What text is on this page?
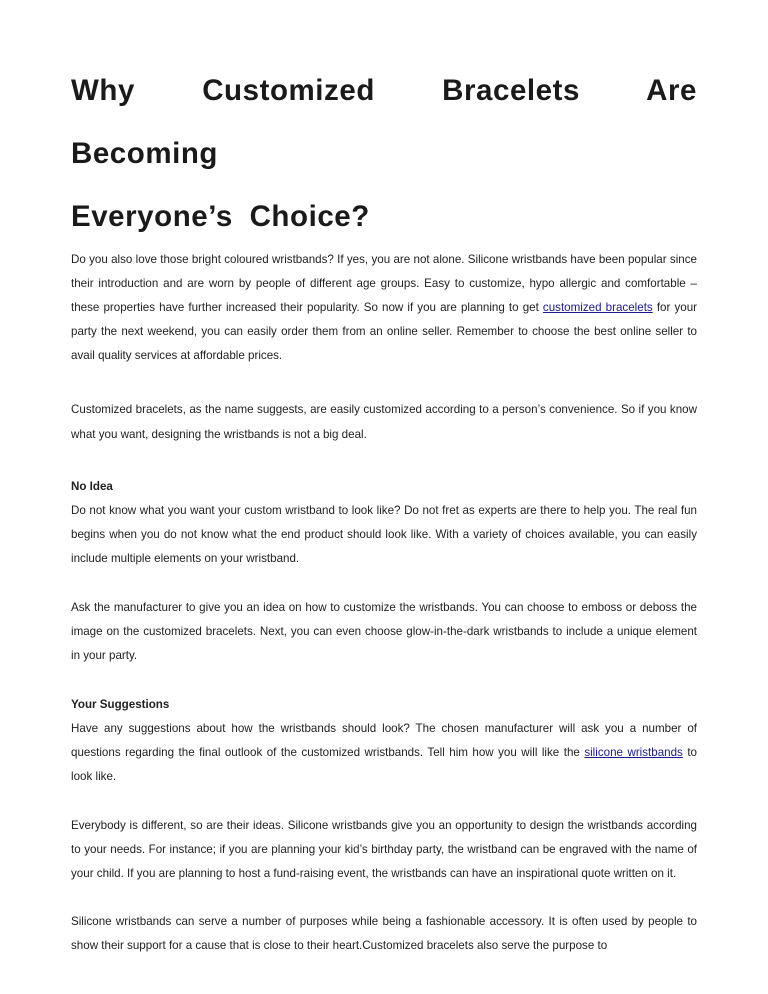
Why Customized Bracelets Are Becoming
Everyone’s Choice?

Do you also love those bright coloured wristbands? If yes, you are not alone. Silicone wristbands have been popular since their introduction and are worn by people of different age groups. Easy to customize, hypo allergic and comfortable – these properties have further increased their popularity. So now if you are planning to get customized bracelets for your party the next weekend, you can easily order them from an online seller. Remember to choose the best online seller to avail quality services at affordable prices.

Customized bracelets, as the name suggests, are easily customized according to a person’s convenience. So if you know what you want, designing the wristbands is not a big deal.

No Idea

Do not know what you want your custom wristband to look like? Do not fret as experts are there to help you. The real fun begins when you do not know what the end product should look like. With a variety of choices available, you can easily include multiple elements on your wristband.

Ask the manufacturer to give you an idea on how to customize the wristbands. You can choose to emboss or deboss the image on the customized bracelets. Next, you can even choose glow-in-the-dark wristbands to include a unique element in your party.

Your Suggestions

Have any suggestions about how the wristbands should look? The chosen manufacturer will ask you a number of questions regarding the final outlook of the customized wristbands. Tell him how you will like the silicone wristbands to look like.

Everybody is different, so are their ideas. Silicone wristbands give you an opportunity to design the wristbands according to your needs. For instance; if you are planning your kid’s birthday party, the wristband can be engraved with the name of your child. If you are planning to host a fund-raising event, the wristbands can have an inspirational quote written on it.

Silicone wristbands can serve a number of purposes while being a fashionable accessory. It is often used by people to show their support for a cause that is close to their heart.Customized bracelets also serve the purpose to
